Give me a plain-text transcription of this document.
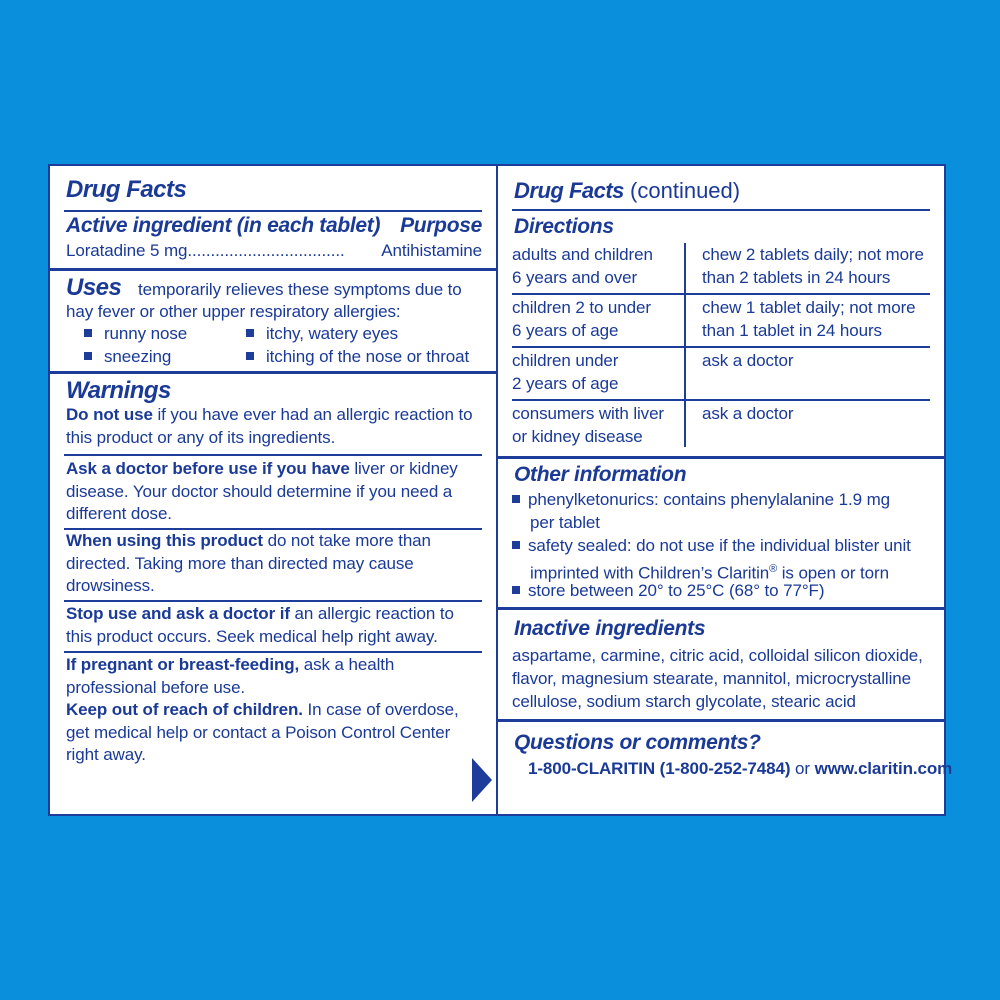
Drug Facts
Active ingredient (in each tablet) Purpose
Loratadine 5 mg.................................. Antihistamine
Uses temporarily relieves these symptoms due to
hay fever or other upper respiratory allergies:
runny nose	itchy, watery eyes
sneezing	itching of the nose or throat
Warnings
Do not use if you have ever had an allergic reaction to
this product or any of its ingredients.
Ask a doctor before use if you have liver or kidney
disease. Your doctor should determine if you need a
different dose.
When using this product do not take more than
directed. Taking more than directed may cause
drowsiness.
Stop use and ask a doctor if an allergic reaction to
this product occurs. Seek medical help right away.
If pregnant or breast-feeding, ask a health
professional before use.
Keep out of reach of children. In case of overdose,
get medical help or contact a Poison Control Center
right away.
Drug Facts (continued)
Directions
adults and children
6 years and over
chew 2 tablets daily; not more
than 2 tablets in 24 hours
children 2 to under
6 years of age
chew 1 tablet daily; not more
than 1 tablet in 24 hours
children under
2 years of age
ask a doctor
consumers with liver
or kidney disease
ask a doctor
Other information
phenylketonurics: contains phenylalanine 1.9 mg
per tablet
safety sealed: do not use if the individual blister unit
imprinted with Children’s Claritin® is open or torn
store between 20° to 25°C (68° to 77°F)
Inactive ingredients
aspartame, carmine, citric acid, colloidal silicon dioxide,
flavor, magnesium stearate, mannitol, microcrystalline
cellulose, sodium starch glycolate, stearic acid
Questions or comments?
1-800-CLARITIN (1-800-252-7484) or www.claritin.com
